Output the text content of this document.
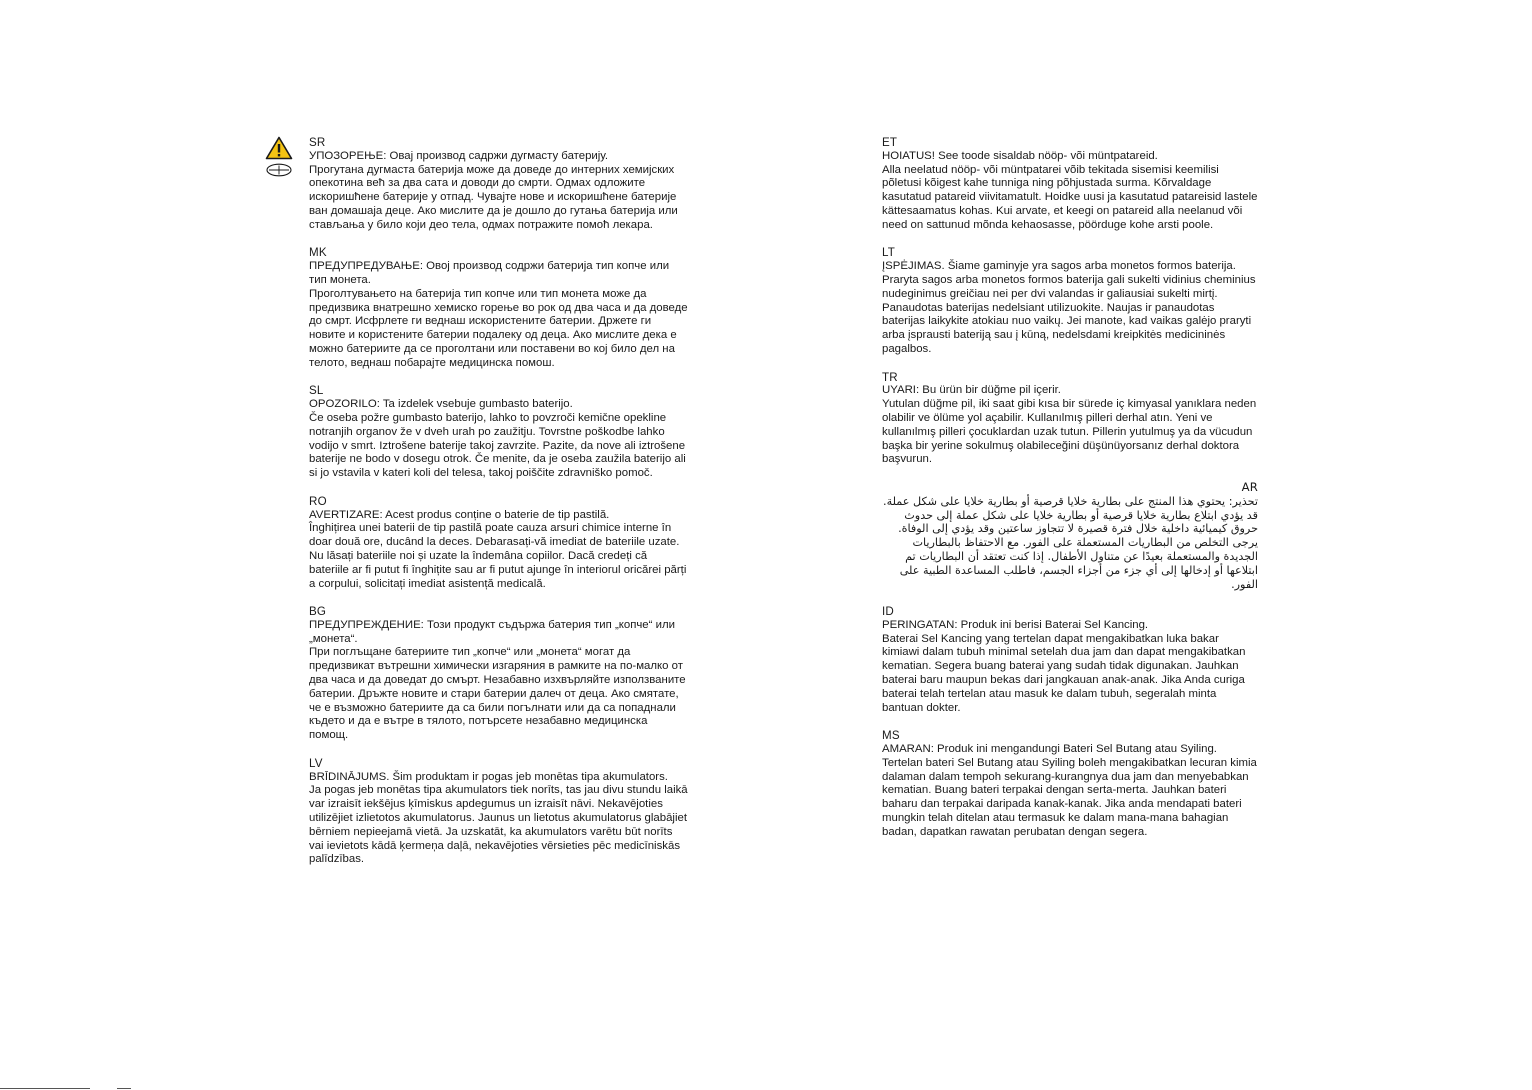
SR

УПОЗОРЕЊЕ: Овај производ садржи дугмасту батерију.

Прогутана дугмаста батерија може да доведе до интерних хемијских опекотина већ за два сата и доводи до смрти. Одмах одложите искоришћене батерије у отпад. Чувајте нове и искоришћене батерије ван домашаја деце. Ако мислите да је дошло до гутања батерија или стављања у било који део тела, одмах потражите помоћ лекара.

MK

ПРЕДУПРЕДУВАЊЕ: Овој производ содржи батерија тип копче или тип монета.

Проголтувањето на батерија тип копче или тип монета може да предизвика внатрешно хемиско горење во рок од два часа и да доведе до смрт. Исфрлете ги веднаш искористените батерии. Држете ги новите и користените батерии подалеку од деца. Ако мислите дека е можно батериите да се проголтани или поставени во кој било дел на телото, веднаш побарајте медицинска помош.

SL

OPOZORILO: Ta izdelek vsebuje gumbasto baterijo.

Če oseba požre gumbasto baterijo, lahko to povzroči kemične opekline notranjih organov že v dveh urah po zaužitju. Tovrstne poškodbe lahko vodijo v smrt. Iztrošene baterije takoj zavrzite. Pazite, da nove ali iztrošene baterije ne bodo v dosegu otrok. Če menite, da je oseba zaužila baterijo ali si jo vstavila v kateri koli del telesa, takoj poiščite zdravniško pomoč.

RO

AVERTIZARE: Acest produs conține o baterie de tip pastilă.

Înghițirea unei baterii de tip pastilă poate cauza arsuri chimice interne în doar două ore, ducând la deces. Debarasați-vă imediat de bateriile uzate. Nu lăsați bateriile noi și uzate la îndemâna copiilor. Dacă credeți că bateriile ar fi putut fi înghițite sau ar fi putut ajunge în interiorul oricărei părți a corpului, solicitați imediat asistență medicală.

BG

ПРЕДУПРЕЖДЕНИЕ: Този продукт съдържа батерия тип „копче“ или „монета“.

При поглъщане батериите тип „копче“ или „монета“ могат да предизвикат вътрешни химически изгаряния в рамките на по-малко от два часа и да доведат до смърт. Незабавно изхвърляйте използваните батерии. Дръжте новите и стари батерии далеч от деца. Ако смятате, че е възможно батериите да са били погълнати или да са попаднали където и да е вътре в тялото, потърсете незабавно медицинска помощ.

LV

BRĪDINĀJUMS. Šim produktam ir pogas jeb monētas tipa akumulators.

Ja pogas jeb monētas tipa akumulators tiek norīts, tas jau divu stundu laikā var izraisīt iekšējus ķīmiskus apdegumus un izraisīt nāvi. Nekavējoties utilizējiet izlietotos akumulatorus. Jaunus un lietotus akumulatorus glabājiet bērniem nepieejamā vietā. Ja uzskatāt, ka akumulators varētu būt norīts vai ievietots kādā ķermeņa daļā, nekavējoties vērsieties pēc medicīniskās palīdzības.

ET

HOIATUS! See toode sisaldab nööp- või müntpatareid.

Alla neelatud nööp- või müntpatarei võib tekitada sisemisi keemilisi põletusi kõigest kahe tunniga ning põhjustada surma. Kõrvaldage kasutatud patareid viivitamatult. Hoidke uusi ja kasutatud patareisid lastele kättesaamatus kohas. Kui arvate, et keegi on patareid alla neelanud või need on sattunud mõnda kehaosasse, pöörduge kohe arsti poole.

LT

ĮSPĖJIMAS. Šiame gaminyje yra sagos arba monetos formos baterija.

Praryta sagos arba monetos formos baterija gali sukelti vidinius cheminius nudeginimus greičiau nei per dvi valandas ir galiausiai sukelti mirtį. Panaudotas baterijas nedelsiant utilizuokite. Naujas ir panaudotas baterijas laikykite atokiau nuo vaikų. Jei manote, kad vaikas galėjo praryti arba įsprausti bateriją sau į kūną, nedelsdami kreipkitės medicininės pagalbos.

TR

UYARI: Bu ürün bir düğme pil içerir.

Yutulan düğme pil, iki saat gibi kısa bir sürede iç kimyasal yanıklara neden olabilir ve ölüme yol açabilir. Kullanılmış pilleri derhal atın. Yeni ve kullanılmış pilleri çocuklardan uzak tutun. Pillerin yutulmuş ya da vücudun başka bir yerine sokulmuş olabileceğini düşünüyorsanız derhal doktora başvurun.

AR

تحذير: يحتوي هذا المنتج على بطارية خلايا قرصية أو بطارية خلايا على شكل عملة.

قد يؤدي ابتلاع بطارية خلايا قرصية أو بطارية خلايا على شكل عملة إلى حدوث حروق كيميائية داخلية خلال فترة قصيرة لا تتجاوز ساعتين وقد يؤدي إلى الوفاة. يرجى التخلص من البطاريات المستعملة على الفور. مع الاحتفاظ بالبطاريات الجديدة والمستعملة بعيدًا عن متناول الأطفال. إذا كنت تعتقد أن البطاريات تم ابتلاعها أو إدخالها إلى أي جزء من أجزاء الجسم، فاطلب المساعدة الطبية على الفور.

ID

PERINGATAN: Produk ini berisi Baterai Sel Kancing.

Baterai Sel Kancing yang tertelan dapat mengakibatkan luka bakar kimiawi dalam tubuh minimal setelah dua jam dan dapat mengakibatkan kematian. Segera buang baterai yang sudah tidak digunakan. Jauhkan baterai baru maupun bekas dari jangkauan anak-anak. Jika Anda curiga baterai telah tertelan atau masuk ke dalam tubuh, segeralah minta bantuan dokter.

MS

AMARAN: Produk ini mengandungi Bateri Sel Butang atau Syiling.

Tertelan bateri Sel Butang atau Syiling boleh mengakibatkan lecuran kimia dalaman dalam tempoh sekurang-kurangnya dua jam dan menyebabkan kematian. Buang bateri terpakai dengan serta-merta. Jauhkan bateri baharu dan terpakai daripada kanak-kanak. Jika anda mendapati bateri mungkin telah ditelan atau termasuk ke dalam mana-mana bahagian badan, dapatkan rawatan perubatan dengan segera.
